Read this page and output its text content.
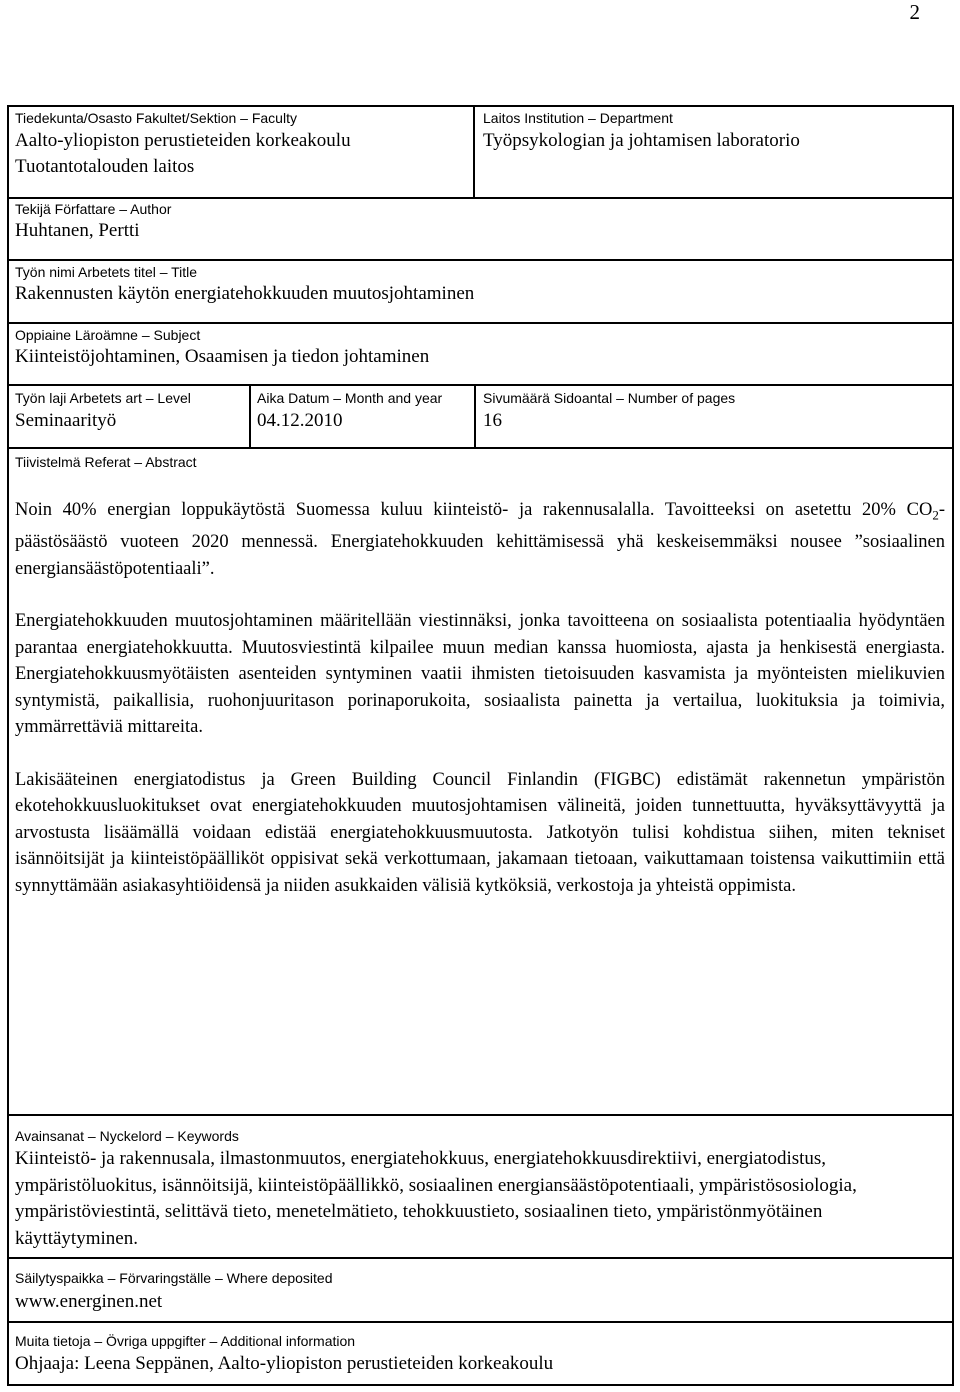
2
Tiedekunta/Osasto Fakultet/Sektion – Faculty
Aalto-yliopiston perustieteiden korkeakoulu
Tuotantotalouden laitos
Laitos Institution – Department
Työpsykologian ja johtamisen laboratorio
Tekijä Författare – Author
Huhtanen, Pertti
Työn nimi Arbetets titel – Title
Rakennusten käytön energiatehokkuuden muutosjohtaminen
Oppiaine Läroämne – Subject
Kiinteistöjohtaminen, Osaamisen ja tiedon johtaminen
Työn laji Arbetets art – Level
Seminaarityö
Aika Datum – Month and year
04.12.2010
Sivumäärä Sidoantal – Number of pages
16
Tiivistelmä Referat – Abstract

Noin 40% energian loppukäytöstä Suomessa kuluu kiinteistö- ja rakennusalalla. Tavoitteeksi on asetettu 20% $CO_2$-päästösäästö vuoteen 2020 mennessä. Energiatehokkuuden kehittämisessä yhä keskeisemmäksi nousee ”sosiaalinen energiansäästöpotentiaali”.

Energiatehokkuuden muutosjohtaminen määritellään viestinnäksi, jonka tavoitteena on sosiaalista potentiaalia hyödyntäen parantaa energiatehokkuutta. Muutosviestintä kilpailee muun median kanssa huomiosta, ajasta ja henkisestä energiasta. Energiatehokkuusmyötäisten asenteiden syntyminen vaatii ihmisten tietoisuuden kasvamista ja myönteisten mielikuvien syntymistä, paikallisia, ruohonjuuritason porinaporukoita, sosiaalista painetta ja vertailua, luokituksia ja toimivia, ymmärrettäviä mittareita.

Lakisääteinen energiatodistus ja Green Building Council Finlandin (FIGBC) edistämät rakennetun ympäristön ekotehokkuusluokitukset ovat energiatehokkuuden muutosjohtamisen välineitä, joiden tunnettuutta, hyväksyttävyyttä ja arvostusta lisäämällä voidaan edistää energiatehokkuusmuutosta. Jatkotyön tulisi kohdistua siihen, miten tekniset isännöitsijät ja kiinteistöpäälliköt oppisivat sekä verkottumaan, jakamaan tietoaan, vaikuttamaan toistensa vaikuttimiin että synnyttämään asiakasyhtiöidensä ja niiden asukkaiden välisiä kytköksiä, verkostoja ja yhteistä oppimista.

Avainsanat – Nyckelord – Keywords
Kiinteistö- ja rakennusala, ilmastonmuutos, energiatehokkuus, energiatehokkuusdirektiivi, energiatodistus, ympäristöluokitus, isännöitsijä, kiinteistöpäällikkö, sosiaalinen energiansäästöpotentiaali, ympäristösosiologia, ympäristöviestintä, selittävä tieto, menetelmätieto, tehokkuustieto, sosiaalinen tieto, ympäristönmyötäinen käyttäytyminen.
Säilytyspaikka – Förvaringställe – Where deposited
www.energinen.net
Muita tietoja – Övriga uppgifter – Additional information
Ohjaaja: Leena Seppänen, Aalto-yliopiston perustieteiden korkeakoulu
